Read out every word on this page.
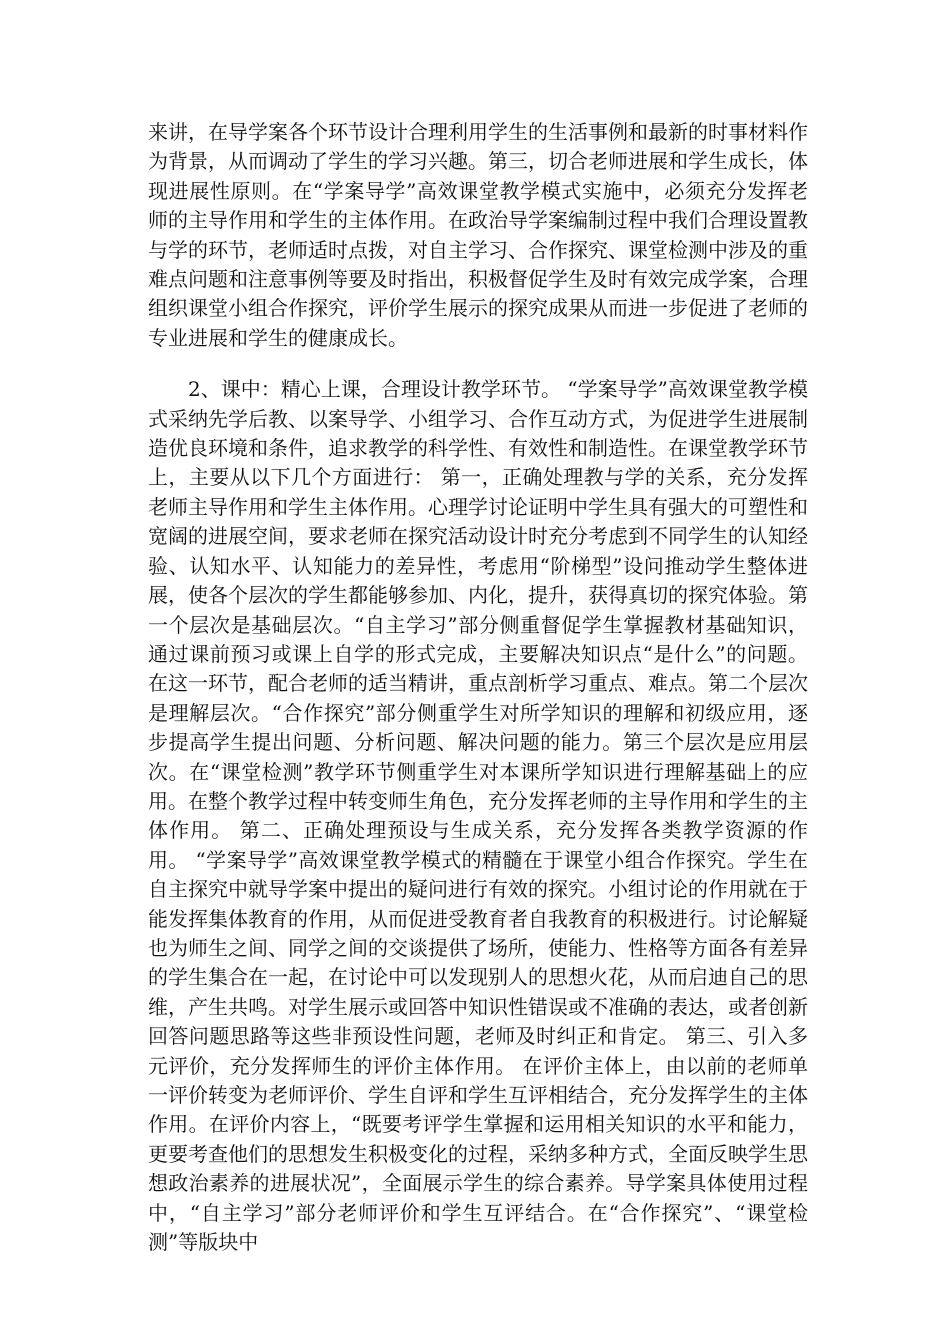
来讲，在导学案各个环节设计合理利用学生的生活事例和最新的时事材料作为背景，从而调动了学生的学习兴趣。第三，切合老师进展和学生成长，体现进展性原则。在“学案导学”高效课堂教学模式实施中，必须充分发挥老师的主导作用和学生的主体作用。在政治导学案编制过程中我们合理设置教与学的环节，老师适时点拨，对自主学习、合作探究、课堂检测中涉及的重难点问题和注意事例等要及时指出，积极督促学生及时有效完成学案，合理组织课堂小组合作探究，评价学生展示的探究成果从而进一步促进了老师的专业进展和学生的健康成长。

2、课中：精心上课，合理设计教学环节。 “学案导学”高效课堂教学模式采纳先学后教、以案导学、小组学习、合作互动方式，为促进学生进展制造优良环境和条件，追求教学的科学性、有效性和制造性。在课堂教学环节上，主要从以下几个方面进行： 第一，正确处理教与学的关系，充分发挥老师主导作用和学生主体作用。心理学讨论证明中学生具有强大的可塑性和宽阔的进展空间，要求老师在探究活动设计时充分考虑到不同学生的认知经验、认知水平、认知能力的差异性，考虑用“阶梯型”设问推动学生整体进展，使各个层次的学生都能够参加、内化，提升，获得真切的探究体验。第一个层次是基础层次。“自主学习”部分侧重督促学生掌握教材基础知识，通过课前预习或课上自学的形式完成，主要解决知识点“是什么”的问题。在这一环节，配合老师的适当精讲，重点剖析学习重点、难点。第二个层次是理解层次。“合作探究”部分侧重学生对所学知识的理解和初级应用，逐步提高学生提出问题、分析问题、解决问题的能力。第三个层次是应用层次。在“课堂检测”教学环节侧重学生对本课所学知识进行理解基础上的应用。在整个教学过程中转变师生角色，充分发挥老师的主导作用和学生的主体作用。 第二、正确处理预设与生成关系，充分发挥各类教学资源的作用。 “学案导学”高效课堂教学模式的精髓在于课堂小组合作探究。学生在自主探究中就导学案中提出的疑问进行有效的探究。小组讨论的作用就在于能发挥集体教育的作用，从而促进受教育者自我教育的积极进行。讨论解疑也为师生之间、同学之间的交谈提供了场所，使能力、性格等方面各有差异的学生集合在一起，在讨论中可以发现别人的思想火花，从而启迪自己的思维，产生共鸣。对学生展示或回答中知识性错误或不准确的表达，或者创新回答问题思路等这些非预设性问题，老师及时纠正和肯定。 第三、引入多元评价，充分发挥师生的评价主体作用。 在评价主体上，由以前的老师单一评价转变为老师评价、学生自评和学生互评相结合，充分发挥学生的主体作用。在评价内容上，“既要考评学生掌握和运用相关知识的水平和能力，更要考查他们的思想发生积极变化的过程，采纳多种方式，全面反映学生思想政治素养的进展状况”，全面展示学生的综合素养。导学案具体使用过程中，“自主学习”部分老师评价和学生互评结合。在“合作探究”、“课堂检测”等版块中
